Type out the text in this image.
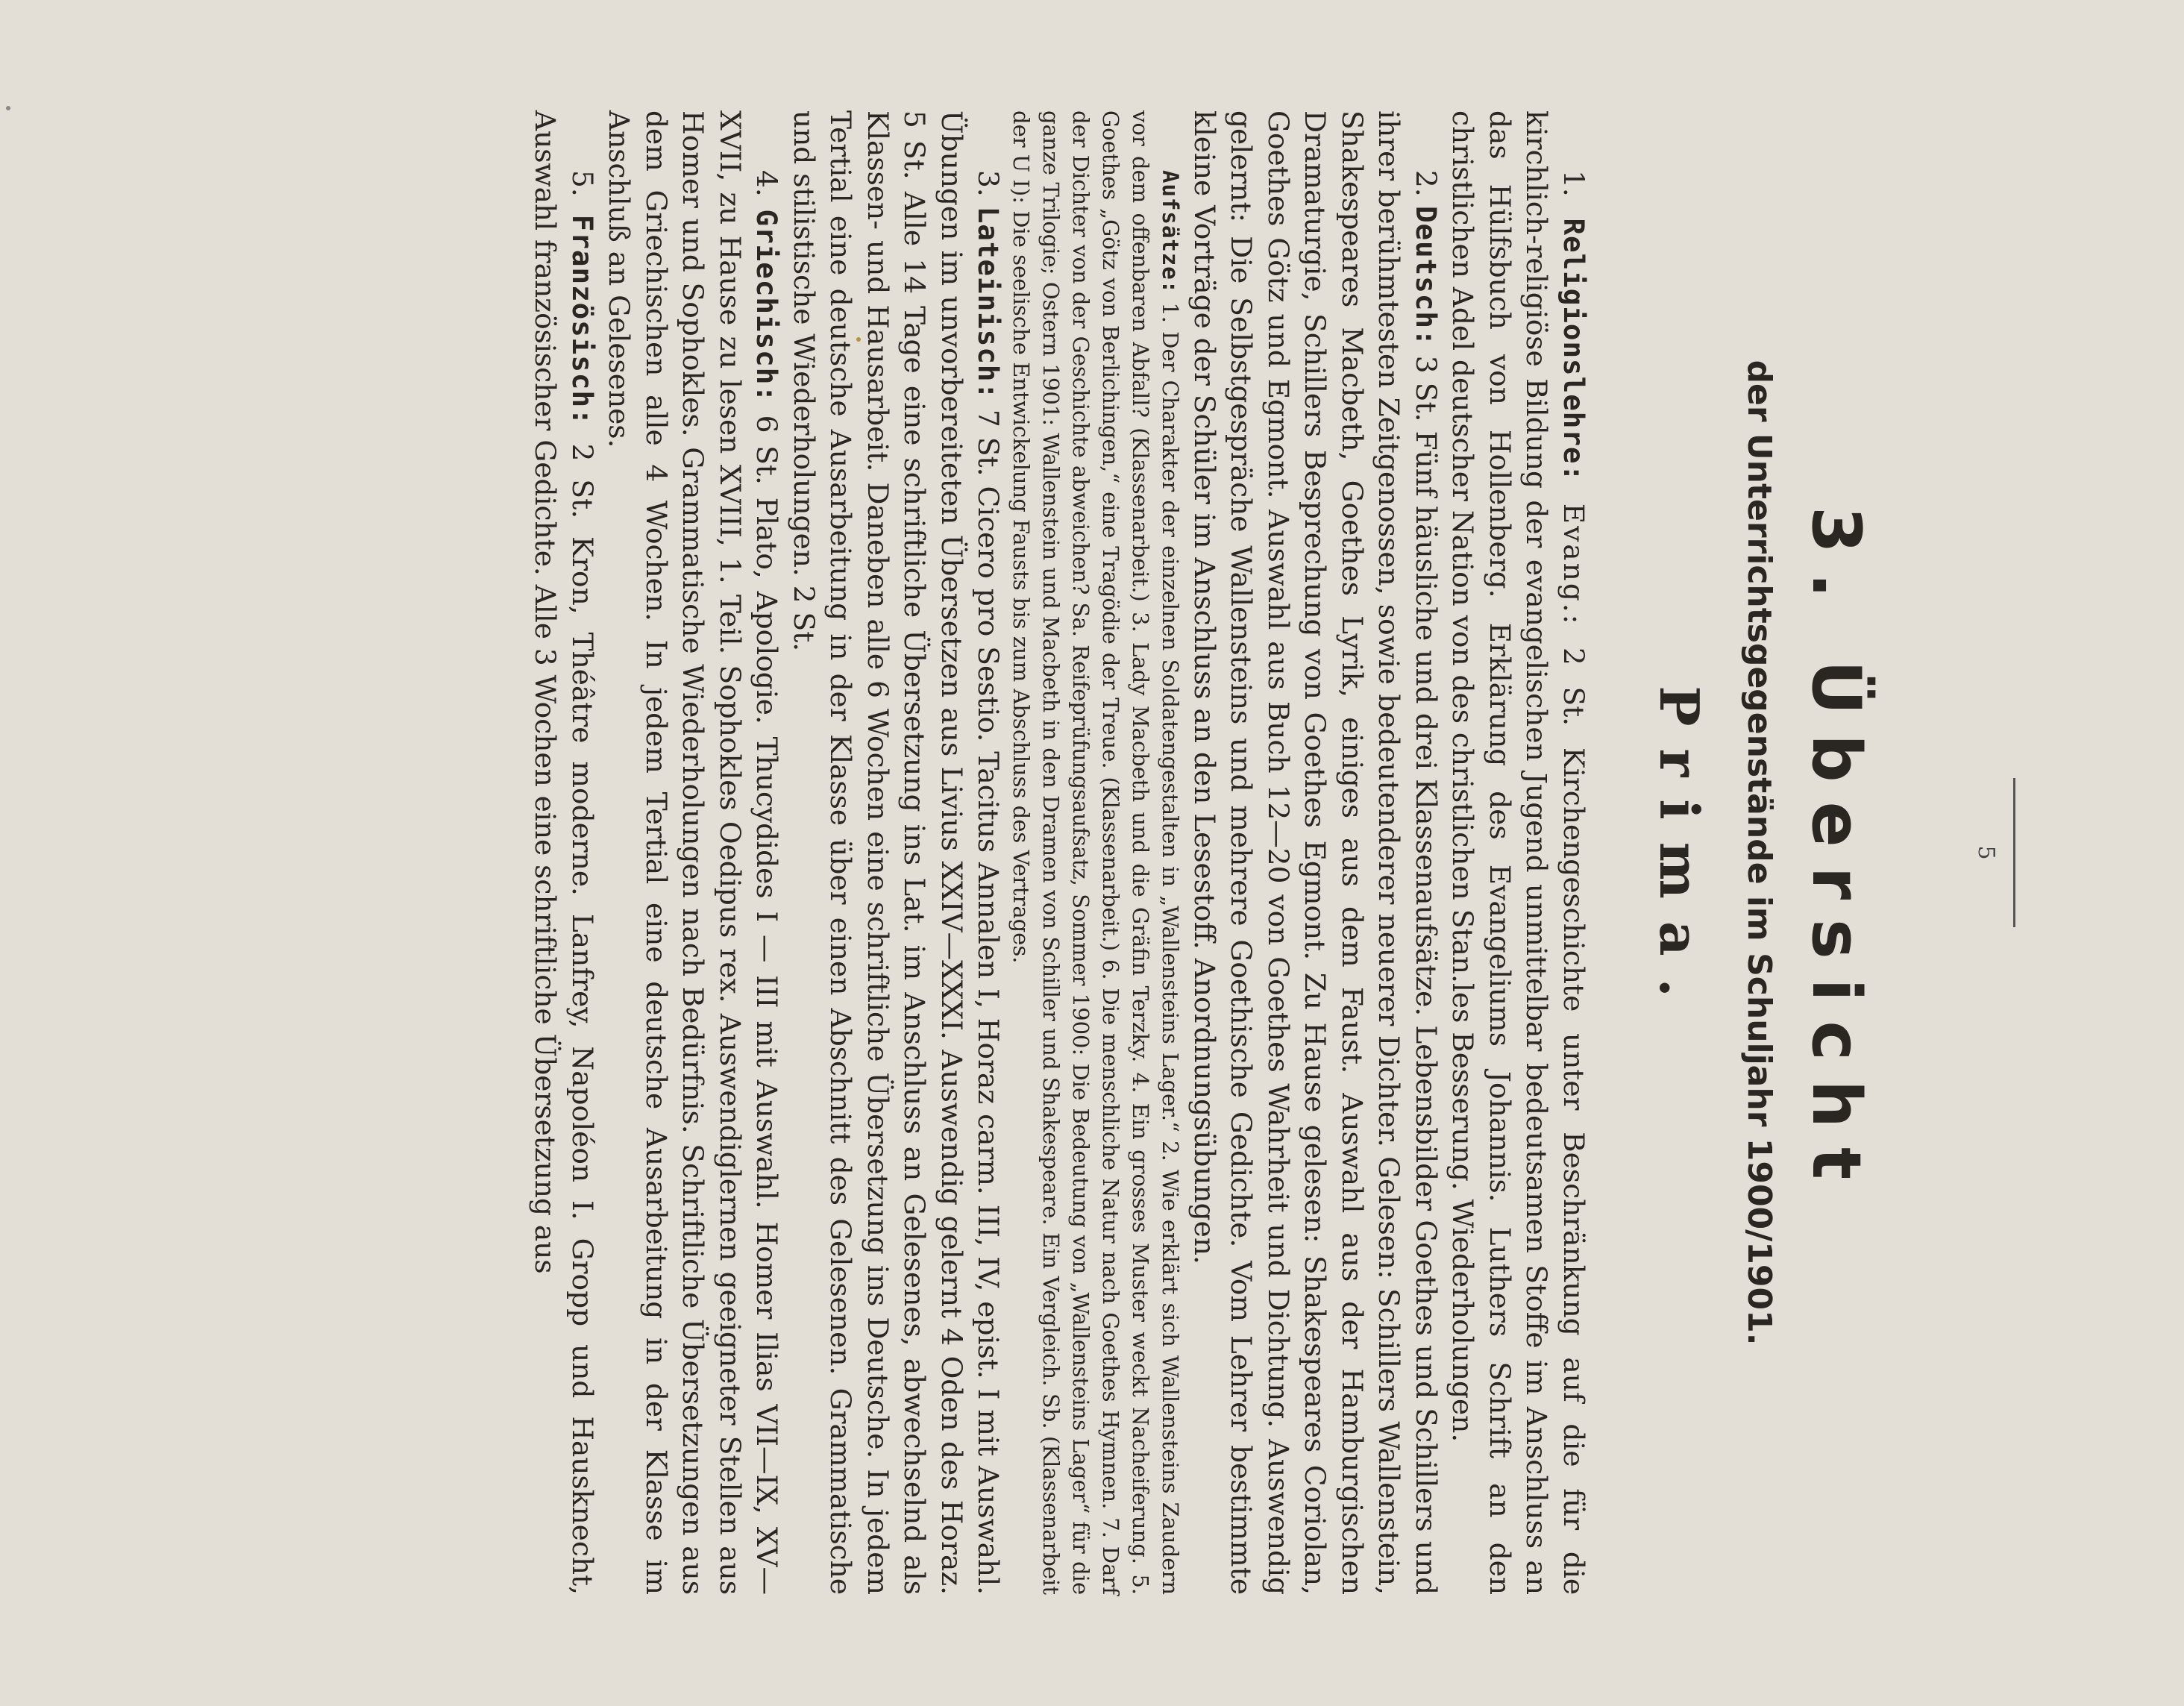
5
3. Übersicht
der Unterrichtsgegenstände im Schuljahr 1900/1901.
Prima.

1. Religionslehre: Evang.: 2 St. Kirchengeschichte unter Beschränkung auf die für die kirchlich-religiöse Bildung der evangelischen Jugend unmittelbar bedeutsamen Stoffe im Anschluss an das Hülfsbuch von Hollenberg. Erklärung des Evangeliums Johannis. Luthers Schrift an den christlichen Adel deutscher Nation von des christlichen Stan.les Besserung. Wiederholungen.

2. Deutsch: 3 St. Fünf häusliche und drei Klassenaufsätze. Lebensbilder Goethes und Schillers und ihrer berühmtesten Zeitgenossen, sowie bedeutenderer neuerer Dichter. Gelesen: Schillers Wallenstein, Shakespeares Macbeth, Goethes Lyrik, einiges aus dem Faust. Auswahl aus der Hamburgischen Dramaturgie, Schillers Besprechung von Goethes Egmont. Zu Hause gelesen: Shakespeares Coriolan, Goethes Götz und Egmont. Auswahl aus Buch 12—20 von Goethes Wahrheit und Dichtung. Auswendig gelernt: Die Selbstgespräche Wallensteins und mehrere Goethische Gedichte. Vom Lehrer bestimmte kleine Vorträge der Schüler im Anschluss an den Lesestoff. Anordnungsübungen.

Aufsätze: 1. Der Charakter der einzelnen Soldatengestalten in „Wallensteins Lager.“ 2. Wie erklärt sich Wallensteins Zaudern vor dem offenbaren Abfall? (Klassenarbeit.) 3. Lady Macbeth und die Gräfin Terzky. 4. Ein grosses Muster weckt Nacheiferung. 5. Goethes „Götz von Berlichingen,“ eine Tragödie der Treue. (Klassenarbeit.) 6. Die menschliche Natur nach Goethes Hymnen. 7. Darf der Dichter von der Geschichte abweichen? Sa. Reifeprüfungsaufsatz, Sommer 1900: Die Bedeutung von „Wallensteins Lager“ für die ganze Trilogie; Ostern 1901: Wallenstein und Macbeth in den Dramen von Schiller und Shakespeare. Ein Vergleich. Sb. (Klassenarbeit der U I): Die seelische Entwickelung Fausts bis zum Abschluss des Vertrages.

3. Lateinisch: 7 St. Cicero pro Sestio. Tacitus Annalen I, Horaz carm. III, IV, epist. I mit Auswahl. Übungen im unvorbereiteten Übersetzen aus Livius XXIV—XXXI. Auswendig gelernt 4 Oden des Horaz. 5 St. Alle 14 Tage eine schriftliche Übersetzung ins Lat. im Anschluss an Gelesenes, abwechselnd als Klassen- und Hausarbeit. Daneben alle 6 Wochen eine schriftliche Übersetzung ins Deutsche. In jedem Tertial eine deutsche Ausarbeitung in der Klasse über einen Abschnitt des Gelesenen. Grammatische und stilistische Wiederholungen. 2 St.

4. Griechisch: 6 St. Plato, Apologie. Thucydides I — III mit Auswahl. Homer Ilias VII—IX, XV—XVII, zu Hause zu lesen XVIII, 1. Teil. Sophokles Oedipus rex. Auswendiglernen geeigneter Stellen aus Homer und Sophokles. Grammatische Wiederholungen nach Bedürfnis. Schriftliche Übersetzungen aus dem Griechischen alle 4 Wochen. In jedem Tertial eine deutsche Ausarbeitung in der Klasse im Anschluß an Gelesenes.

5. Französisch: 2 St. Kron, Théâtre moderne. Lanfrey, Napoléon I. Gropp und Hausknecht, Auswahl französischer Gedichte. Alle 3 Wochen eine schriftliche Übersetzung aus
